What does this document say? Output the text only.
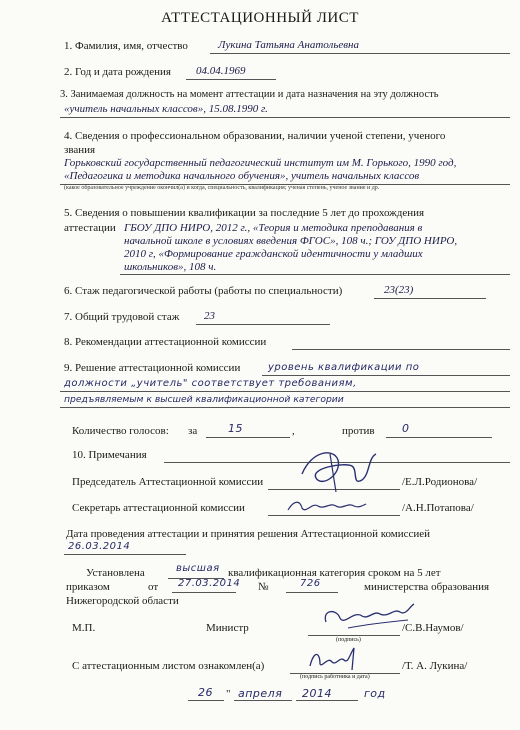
АТТЕСТАЦИОННЫЙ ЛИСТ
1. Фамилия, имя, отчество	Лукина Татьяна Анатольевна
2. Год и дата рождения 04.04.1969
3. Занимаемая должность на момент аттестации и дата назначения на эту должность
«учитель начальных классов», 15.08.1990 г.
4. Сведения о профессиональном образовании, наличии ученой степени, ученого
звания
Горьковский государственный педагогический институт им М. Горького, 1990 год,
«Педагогика и методика начального обучения», учитель начальных классов
(какое образовательное учреждение окончил(а) и когда, специальность, квалификация; ученая степень, ученое звание и др.
5. Сведения о повышении квалификации за последние 5 лет до прохождения
аттестации ГБОУ ДПО НИРО, 2012 г., «Теория и методика преподавания в
начальной школе в условиях введения ФГОС», 108 ч.; ГОУ ДПО НИРО,
2010 г, «Формирование гражданской идентичности у младших
школьников», 108 ч.
6. Стаж педагогической работы (работы по специальности)	23(23)
7. Общий трудовой стаж 23
8. Рекомендации аттестационной комиссии
9. Решение аттестационной комиссии	уровень квалификации по
должности „учитель" соответствует требованиям,
предъявляемым к высшей квалификационной категории
Количество голосов: за	15	,	против 0
10. Примечания
Председатель Аттестационной комиссии	/Е.Л.Родионова/
Секретарь аттестационной комиссии	/А.Н.Потапова/
Дата проведения аттестации и принятия решения Аттестационной комиссией
26.03.2014
Установлена	высшая квалификационная категория сроком на 5 лет
приказом	от 27.03.2014 №	726	министерства образования
Нижегородской области
М.П.	Министр
(подпись)
/С.В.Наумов/
С аттестационным листом ознакомлен(а)
(подпись работника и дата)
/Т. А. Лукина/
26 " апреля 2014	год
